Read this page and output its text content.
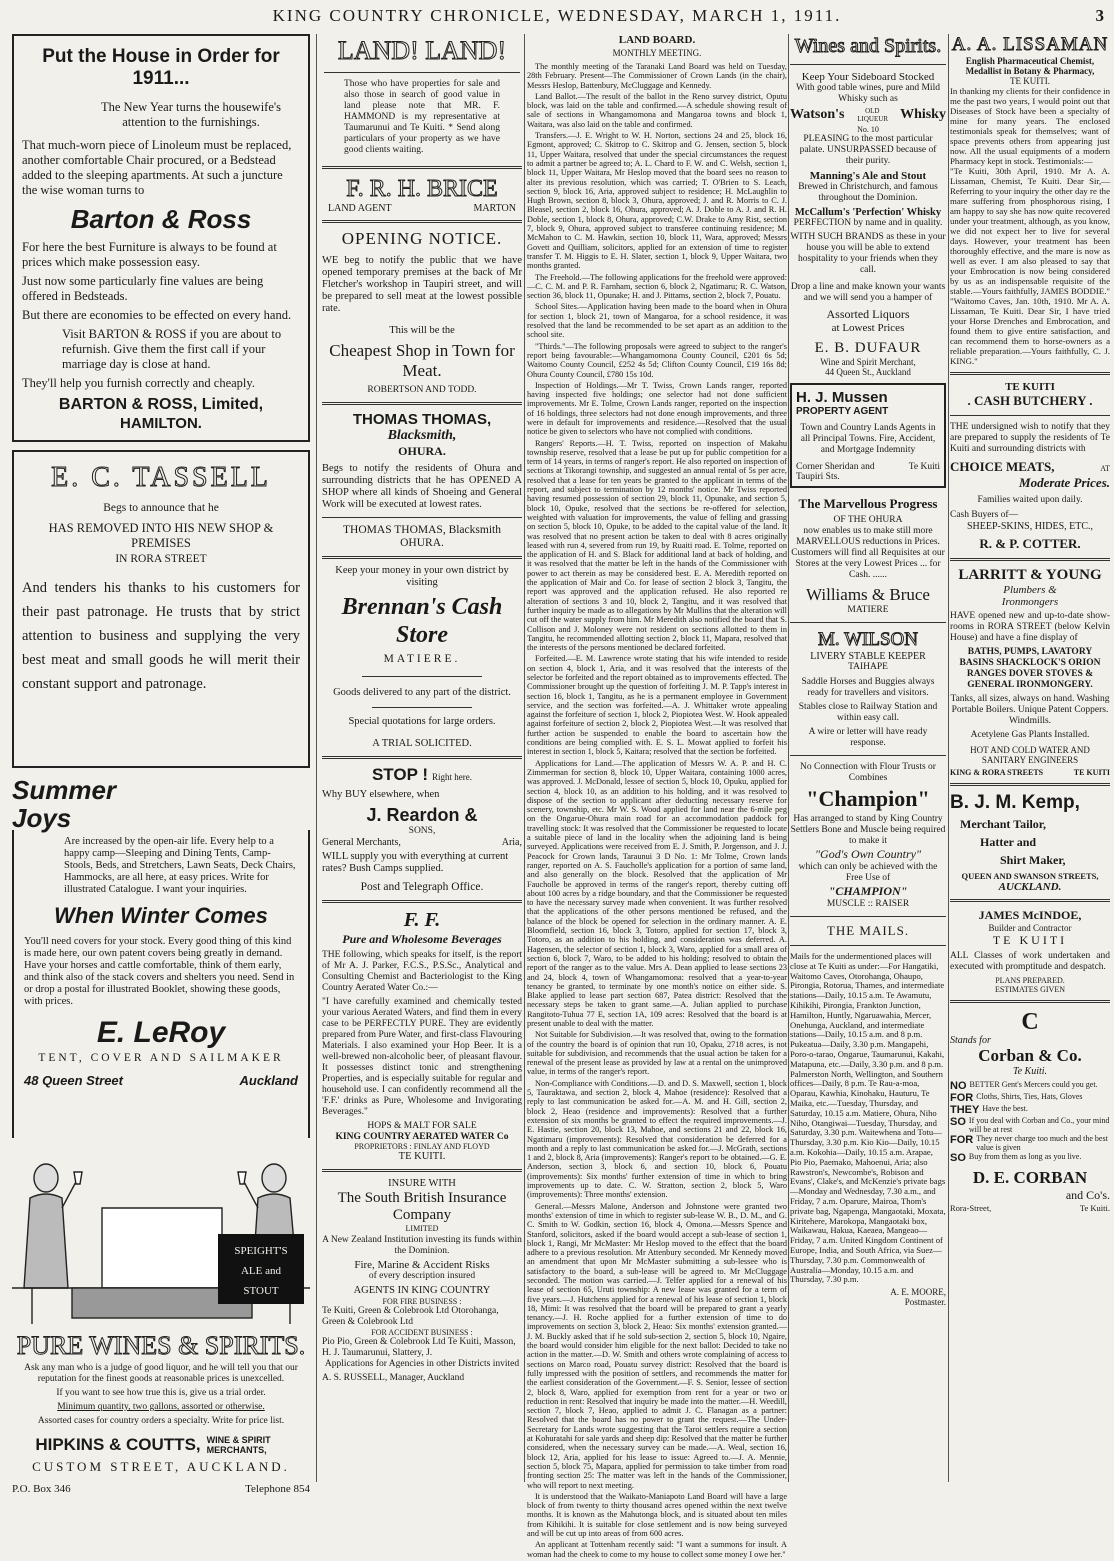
KING COUNTRY CHRONICLE, WEDNESDAY, MARCH 1, 1911.	3
Put the House in Order for 1911...
The New Year turns the housewife's attention to the furnishings.
That much-worn piece of Linoleum must be replaced, another comfortable Chair procured, or a Bedstead added to the sleeping apartments. At such a juncture the wise woman turns to
Barton & Ross

For here the best Furniture is always to be found at prices which make possession easy.

Just now some particularly fine values are being offered in Bedsteads.

But there are economies to be effected on every hand.

Visit BARTON & ROSS if you are about to refurnish. Give them the first call if your marriage day is close at hand.

They'll help you furnish correctly and cheaply.

BARTON & ROSS, Limited,
HAMILTON.
E. C. TASSELL
Begs to announce that he
HAS REMOVED INTO HIS NEW SHOP & PREMISES
IN RORA STREET
And tenders his thanks to his customers for their past patronage. He trusts that by strict attention to business and supplying the very best meat and small goods he will merit their constant support and patronage.
Summer Joys
Are increased by the open-air life. Every help to a happy camp—Sleeping and Dining Tents, Camp-Stools, Beds, and Stretchers, Lawn Seats, Deck Chairs, Hammocks, are all here, at easy prices. Write for illustrated Catalogue. I want your inquiries.
When Winter Comes
You'll need covers for your stock. Every good thing of this kind is made here, our own patent covers being greatly in demand. Have your horses and cattle comfortable, think of them early, and think also of the stack covers and shelters you need. Send in or drop a postal for illustrated Booklet, showing these goods, with prices.
E. LeRoy
TENT, COVER AND SAILMAKER
48 Queen Street	Auckland
SPEIGHT'S
ALE and
STOUT
PURE WINES & SPIRITS.
Ask any man who is a judge of good liquor, and he will tell you that our reputation for the finest goods at reasonable prices is unexcelled.
If you want to see how true this is, give us a trial order.
Minimum quantity, two gallons, assorted or otherwise.
Assorted cases for country orders a specialty. Write for price list.
HIPKINS & COUTTS, WINE & SPIRIT MERCHANTS,
CUSTOM STREET, AUCKLAND.
P.O. Box 346	Telephone 854
LAND! LAND!
Those who have properties for sale and also those in search of good value in land please note that MR. F. HAMMOND is my representative at Taumarunui and Te Kuiti. * Send along particulars of your property as we have good clients waiting.
F. R. H. BRICE
LAND AGENT	MARTON
OPENING NOTICE.
WE beg to notify the public that we have opened temporary premises at the back of Mr Fletcher's workshop in Taupiri street, and will be prepared to sell meat at the lowest possible rate.
This will be the
Cheapest Shop in Town for Meat.
ROBERTSON AND TODD.
THOMAS THOMAS,
Blacksmith,
OHURA.
Begs to notify the residents of Ohura and surrounding districts that he has OPENED A SHOP where all kinds of Shoeing and General Work will be executed at lowest rates.
THOMAS THOMAS, Blacksmith OHURA.
Keep your money in your own district by visiting
Brennan's Cash Store
MATIERE.
Goods delivered to any part of the district.
Special quotations for large orders.
A TRIAL SOLICITED.
STOP ! Right here.
Why BUY elsewhere, when
J. Reardon &
SONS,
General Merchants,	Aria,
WILL supply you with everything at current rates? Bush Camps supplied.
Post and Telegraph Office.
F. F.
Pure and Wholesome Beverages
THE following, which speaks for itself, is the report of Mr A. J. Parker, F.C.S., P.S.Sc., Analytical and Consulting Chemist and Bacteriologist to the King Country Aerated Water Co.:—
"I have carefully examined and chemically tested your various Aerated Waters, and find them in every case to be PERFECTLY PURE. They are evidently prepared from Pure Water, and first-class Flavouring Materials. I also examined your Hop Beer. It is a well-brewed non-alcoholic beer, of pleasant flavour. It possesses distinct tonic and strengthening Properties, and is especially suitable for regular and household use. I can confidently recommend all the 'F.F.' drinks as Pure, Wholesome and Invigorating Beverages."
HOPS & MALT FOR SALE
KING COUNTRY AERATED WATER Co
PROPRIETORS : FINLAY AND FLOYD
TE KUITI.
INSURE WITH
The South British Insurance Company
LIMITED
A New Zealand Institution investing its funds within the Dominion.
Fire, Marine & Accident Risks
of every description insured
AGENTS IN KING COUNTRY
FOR FIRE BUSINESS :
Te Kuiti, Green & Colebrook Ltd Otorohanga, Green & Colebrook Ltd
FOR ACCIDENT BUSINESS :
Pio Pio, Green & Colebrook Ltd Te Kuiti, Masson, H. J. Taumarunui, Slattery, J.
Applications for Agencies in other Districts invited
A. S. RUSSELL, Manager, Auckland
LAND BOARD.
MONTHLY MEETING.

The monthly meeting of the Taranaki Land Board was held on Tuesday, 28th February. Present—The Commissioner of Crown Lands (in the chair), Messrs Heslop, Battenbury, McCluggage and Kennedy.

Land Ballot.—The result of the ballot in the Reno survey district, Oputu block, was laid on the table and confirmed.—A schedule showing result of sale of sections in Whangamomona and Mangaroa towns and block 1, Waitara, was also laid on the table and confirmed.

Transfers.—J. E. Wright to W. H. Norton, sections 24 and 25, block 16, Egmont, approved; C. Skitrop to C. Skitrop and G. Jensen, section 5, block 11, Upper Waitara, resolved that under the special circumstances the request to admit a partner be agreed to; A. L. Chard to F. W. and C. Welsh, section 1, block 11, Upper Waitara, Mr Heslop moved that the board sees no reason to alter its previous resolution, which was carried; T. O'Brien to S. Leach, section 9, block 16, Aria, approved subject to residence; H. McLaughlin to Hugh Brown, section 8, block 3, Ohura, approved; J. and R. Morris to C. J. Bleasel, section 2, block 16, Ohura, approved; A. J. Doble to A. J. and R. H. Doble, section 1, block 8, Ohura, approved; C.W. Drake to Amy Rist, section 7, block 9, Ohura, approved subject to transferee continuing residence; M. McMahon to C. M. Hawkin, section 10, block 11, Wara, approved; Messrs Govett and Quilliam, solicitors, applied for an extension of time to register transfer T. M. Higgis to E. H. Slater, section 1, block 9, Upper Waitara, two months granted.

The Freehold.—The following applications for the freehold were approved:—C. C. M. and P. R. Farnham, section 6, block 2, Ngatimaru; R. C. Watson, section 36, block 11, Opunake; H. and J. Pittams, section 2, block 7, Pouatu.

School Sites.—Application having been made to the board when in Ohura for section 1, block 21, town of Mangaroa, for a school residence, it was resolved that the land be recommended to be set apart as an addition to the school site.

"Thirds."—The following proposals were agreed to subject to the ranger's report being favourable:—Whangamomona County Council, £201 6s 5d; Waitomo County Council, £252 4s 5d; Clifton County Council, £19 16s 8d; Ohura County Council, £780 15s 10d.

Inspection of Holdings.—Mr T. Twiss, Crown Lands ranger, reported having inspected five holdings; one selector had not done sufficient improvements. Mr E. Tolme, Crown Lands ranger, reported on the inspection of 16 holdings, three selectors had not done enough improvements, and three were in default for improvements and residence.—Resolved that the usual notice be given to selectors who have not complied with conditions.

Rangers' Reports.—H. T. Twiss, reported on inspection of Makahu township reserve, resolved that a lease be put up for public competition for a term of 14 years, in terms of ranger's report. He also reported on inspection of sections at Tikorangi township, and suggested an annual rental of 5s per acre, resolved that a lease for ten years be granted to the applicant in terms of the report, and subject to termination by 12 months' notice. Mr Twiss reported having resumed possession of section 29, block 11, Opunake, and section 5, block 10, Opuke, resolved that the sections be re-offered for selection, weighted with valuation for improvements, the value of felling and grassing on section 5, block 10, Opuke, to be added to the capital value of the land. It was resolved that no present action be taken to deal with 8 acres originally leased with run 4, severed from run 19, by Ruaiti road. E. Tolme, reported on the application of H. and S. Black for additional land at back of holding, and it was resolved that the matter be left in the hands of the Commissioner with power to act therein as may be considered best. E. A. Meredith reported on the application of Mair and Co. for lease of section 2 block 3, Tangitu, the report was approved and the application refused. He also reported re alteration of sections 3 and 10, block 2, Tangitu, and it was resolved that further inquiry be made as to allegations by Mr Mullins that the alteration will cut off the water supply from him. Mr Meredith also notified the board that S. Collison and J. Moloney were not resident on sections allotted to them in Tangitu, he recommended allotting section 2, block 11, Mapara, resolved that the interests of the persons mentioned be declared forfeited.

Forfeited.—E. M. Lawrence wrote stating that his wife intended to reside on section 4, block 1, Aria, and it was resolved that the interests of the selector be forfeited and the report obtained as to improvements effected. The Commissioner brought up the question of forfeiting J. M. P. Tapp's interest in section 16, block 1, Tangitu, as he is a permanent employee in Government service, and the section was forfeited.—A. J. Whittaker wrote appealing against the forfeiture of section 1, block 2, Piopiotea West. W. Hook appealed against forfeiture of section 2, block 2, Piopiotea West.—It was resolved that further action be suspended to enable the board to ascertain how the conditions are being complied with. E. S. L. Mowat applied to forfeit his interest in section 1, block 5, Kaitara; resolved that the section be forfeited.

Applications for Land.—The application of Messrs W. A. P. and H. C. Zimmerman for section 8, block 10, Upper Waitara, containing 1000 acres, was approved. J. McDonald, lessee of section 5, block 10, Opuku, applied for section 4, block 10, as an addition to his holding, and it was resolved to dispose of the section to applicant after deducting necessary reserve for scenery, township, etc. Mr W. S. Wood applied for land near the 6-mile peg on the Ongarue-Ohura main road for an accommodation paddock for travelling stock: It was resolved that the Commissioner be requested to locate a suitable piece of land in the locality when the adjoining land is being surveyed. Applications were received from E. J. Smith, P. Jorgenson, and J. J. Peacock for Crown lands, Taraunui 3 D No. 1: Mr Tolme, Crown lands ranger, reported on A. S. Faucholle's application for a portion of same land, and also generally on the block. Resolved that the application of Mr Faucholle be approved in terms of the ranger's report, thereby cutting off about 100 acres by a ridge boundary, and that the Commissioner be requested to have the necessary survey made when convenient. It was further resolved that the applications of the other persons mentioned be refused, and the balance of the block be opened for selection in the ordinary manner. A. E. Bloomfield, section 16, block 3, Totoro, applied for section 17, block 3, Totoro, as an addition to his holding, and consideration was deferred. A. Hagensen, the selector of section 1, block 3, Waro, applied for a small area of section 6, block 7, Waro, to be added to his holding; resolved to obtain the report of the ranger as to the value. Mrs A. Dean applied to lease sections 23 and 24, block 4, town of Whangamomona: resolved that a year-to-year tenancy be granted, to terminate by one month's notice on either side. S. Blake applied to lease part section 687, Patea district: Resolved that the necessary steps be taken to grant same.—A. Julian applied to purchase Rangitoto-Tuhua 77 E, section 1A, 109 acres: Resolved that the board is at present unable to deal with the matter.

Not Suitable for Subdivision.—It was resolved that, owing to the formation of the country the board is of opinion that run 10, Opaku, 2718 acres, is not suitable for subdivision, and recommends that the usual action be taken for a renewal of the present lease as provided by law at a rental on the unimproved value, in terms of the ranger's report.

Non-Compliance with Conditions.—D. and D. S. Maxwell, section 1, block 5, Tauraktawa, and section 2, block 4, Mahoe (residence): Resolved that a reply to last communication be asked for.—A. M. and H. Gill, section 2, block 2, Heao (residence and improvements): Resolved that a further extension of six months be granted to effect the required improvements.—J. E. Hastie, section 20, block 13, Mahoe, and sections 21 and 22, block 16, Ngatimaru (improvements): Resolved that consideration be deferred for a month and a reply to last communication be asked for.—J. McGrath, sections 1 and 2, block 8, Aria (improvements): Ranger's report to be obtained.—G. E. Anderson, section 3, block 6, and section 10, block 6, Pouatu (improvements): Six months' further extension of time in which to bring improvements up to date. C. W. Stratton, section 2, block 5, Waro (improvements): Three months' extension.

General.—Messrs Malone, Anderson and Johnstone were granted two months' extension of time in which to register sub-lease W. B., D. M., and G. C. Smith to W. Godkin, section 16, block 4, Omona.—Messrs Spence and Stanford, solicitors, asked if the board would accept a sub-lease of section 1, block 1, Rangi, Mr McMaster: Mr Heslop moved to the effect that the board adhere to a previous resolution. Mr Attenbury seconded. Mr Kennedy moved an amendment that upon Mr McMaster submitting a sub-lessee who is satisfactory to the board, a sub-lease will be agreed to. Mr McCluggage seconded. The motion was carried.—J. Telfer applied for a renewal of his lease of section 65, Uruti township: A new lease was granted for a term of five years.—J. Hutchens applied for a renewal of his lease of section 1, block 18, Mimi: It was resolved that the board will be prepared to grant a yearly tenancy.—J. H. Roche applied for a further extension of time to do improvements on section 3, block 2, Heao: Six months' extension granted.—J. M. Buckly asked that if he sold sub-section 2, section 5, block 10, Ngaire, the board would consider him eligible for the next ballot: Decided to take no action in the matter.—D. W. Smith and others wrote complaining of access to sections on Marco road, Pouatu survey district: Resolved that the board is fully impressed with the position of settlers, and recommends the matter for the earliest consideration of the Government.—F. S. Senior, lessee of section 2, block 8, Waro, applied for exemption from rent for a year or two or reduction in rent: Resolved that inquiry be made into the matter.—H. Weedill, section 7, block 7, Heao, applied to admit J. C. Flanagan as a partner: Resolved that the board has no power to grant the request.—The Under-Secretary for Lands wrote suggesting that the Taroi settlers require a section at Kohuratahi for sale yards and sheep dip: Resolved that the matter be further considered, when the necessary survey can be made.—A. Weal, section 16, block 12, Aria, applied for his lease to issue: Agreed to.—J. A. Mennie, section 5, block 75, Mapara, applied for permission to take timber from road fronting section 25: The matter was left in the hands of the Commissioner, who will report to next meeting.

It is understood that the Waikato-Maniapoto Land Board will have a large block of from twenty to thirty thousand acres opened within the next twelve months. It is known as the Mahutonga block, and is situated about ten miles from Kihikihi. It is suitable for close settlement and is now being surveyed and will be cut up into areas of from 600 acres.

An applicant at Tottenham recently said: "I want a summons for insult. A woman had the cheek to come to my house to collect some money I owe her."

Wines and Spirits.
Keep Your Sideboard Stocked
With good table wines, pure and Mild Whisky such as
Watson's	OLD LIQUEUR Whisky
No. 10
PLEASING to the most particular palate. UNSURPASSED because of their purity.
Manning's Ale and Stout
Brewed in Christchurch, and famous throughout the Dominion.
McCallum's 'Perfection' Whisky
PERFECTION by name and in quality.
WITH SUCH BRANDS as these in your house you will be able to extend hospitality to your friends when they call.
Drop a line and make known your wants and we will send you a hamper of
Assorted Liquors
at Lowest Prices
E. B. DUFAUR
Wine and Spirit Merchant,
44 Queen St., Auckland
H. J. Mussen
PROPERTY AGENT
Town and Country Lands Agents in all Principal Towns. Fire, Accident, and Mortgage Indemnity
Corner Sheridan and Taupiri Sts.
Te Kuiti
The Marvellous Progress
OF THE OHURA
now enables us to make still more MARVELLOUS reductions in Prices. Customers will find all Requisites at our Stores at the very Lowest Prices ... for Cash. ......
Williams & Bruce
MATIERE
M. WILSON
LIVERY STABLE KEEPER
TAIHAPE
Saddle Horses and Buggies always ready for travellers and visitors.
Stables close to Railway Station and within easy call.
A wire or letter will have ready response.
No Connection with Flour Trusts or Combines
"Champion"
Has arranged to stand by King Country Settlers Bone and Muscle being required to make it
"God's Own Country"
which can only be achieved with the Free Use of
"CHAMPION"
MUSCLE :: RAISER
THE MAILS.
Mails for the undermentioned places will close at Te Kuiti as under:—For Hangatiki, Waitomo Caves, Otorohanga, Ohaupo, Pirongia, Rotorua, Thames, and intermediate stations—Daily, 10.15 a.m. Te Awamutu, Kihikihi, Pirongia, Frankton Junction, Hamilton, Huntly, Ngaruawahia, Mercer, Onehunga, Auckland, and intermediate stations—Daily, 10.15 a.m. and 8 p.m. Pukeatua—Daily, 3.30 p.m. Mangapehi, Poro-o-tarao, Ongarue, Taumarunui, Kakahi, Matapuna, etc.—Daily, 3.30 p.m. and 8 p.m. Palmerston North, Wellington, and Southern offices—Daily, 8 p.m. Te Rau-a-moa, Oparau, Kawhia, Kinohaku, Hauturu, Te Maika, etc.—Tuesday, Thursday, and Saturday, 10.15 a.m. Matiere, Ohura, Niho Niho, Otangiwai—Tuesday, Thursday, and Saturday, 3.30 p.m. Waitewhena and Totu—Thursday, 3.30 p.m. Kio Kio—Daily, 10.15 a.m. Kokohia—Daily, 10.15 a.m. Arapae, Pio Pio, Paemako, Mahoenui, Aria; also Rawstron's, Newcombe's, Robison and Evans', Clake's, and McKenzie's private bags—Monday and Wednesday, 7.30 a.m., and Friday, 7 a.m. Oparure, Mairoa, Thom's private bag, Ngapenga, Mangaotaki, Moxata, Kiritehere, Marokopa, Mangaotaki box, Waikawau, Hakua, Kaeaea, Mangeao—Friday, 7 a.m. United Kingdom Continent of Europe, India, and South Africa, via Suez—Thursday, 7.30 p.m. Commonwealth of Australia—Monday, 10.15 a.m. and Thursday, 7.30 p.m.
A. E. MOORE,
Postmaster.
A. A. LISSAMAN
English Pharmaceutical Chemist, Medallist in Botany & Pharmacy,
TE KUITI.
In thanking my clients for their confidence in me the past two years, I would point out that Diseases of Stock have been a specialty of mine for many years. The enclosed testimonials speak for themselves; want of space prevents others from appearing just now. All the usual equipments of a modern Pharmacy kept in stock. Testimonials:—
"Te Kuiti, 30th April, 1910. Mr A. A. Lissaman, Chemist, Te Kuiti. Dear Sir,—Referring to your inquiry the other day re the mare suffering from phosphorous rising, I am happy to say she has now quite recovered under your treatment, although, as you know, we did not expect her to live for several days. However, your treatment has been thoroughly effective, and the mare is now as well as ever. I am also pleased to say that your Embrocation is now being considered by us as an indispensable requisite of the stable.—Yours faithfully, JAMES BODDIE."
"Waitomo Caves, Jan. 10th, 1910. Mr A. A. Lissaman, Te Kuiti. Dear Sir, I have tried your Horse Drenches and Embrocation, and found them to give entire satisfaction, and can recommend them to horse-owners as a reliable preparation.—Yours faithfully, C. J. KING."
TE KUITI
. CASH BUTCHERY .
THE undersigned wish to notify that they are prepared to supply the residents of Te Kuiti and surrounding districts with
CHOICE MEATS,	AT
Moderate Prices.
Families waited upon daily.
Cash Buyers of—
SHEEP-SKINS, HIDES, ETC.,
R. & P. COTTER.
LARRITT & YOUNG
Plumbers &
Ironmongers
HAVE opened new and up-to-date show-rooms in RORA STREET (below Kelvin House) and have a fine display of
BATHS, PUMPS, LAVATORY BASINS SHACKLOCK'S ORION RANGES DOVER STOVES & GENERAL IRONMONGERY.
Tanks, all sizes, always on hand. Washing Portable Boilers. Unique Patent Coppers. Windmills.
Acetylene Gas Plants Installed.
HOT AND COLD WATER AND SANITARY ENGINEERS
KING & RORA STREETS	TE KUITI
B. J. M. Kemp,
Merchant Tailor,
Hatter and
Shirt Maker,
QUEEN AND SWANSON STREETS,
AUCKLAND.
JAMES McINDOE,
Builder and Contractor
TE KUITI
ALL Classes of work undertaken and executed with promptitude and despatch.
PLANS PREPARED.
ESTIMATES GIVEN
C
Stands for
Corban & Co.
Te Kuiti.
NO BETTER Gent's Mercers could you get.
FOR Cloths, Shirts, Ties, Hats, Gloves
THEY Have the best.
SO If you deal with Corban and Co., your mind will be at rest
FOR They never charge too much and the best value is given
SO Buy from them as long as you live.
D. E. CORBAN
and Co's.
Rora-Street,	Te Kuiti.
